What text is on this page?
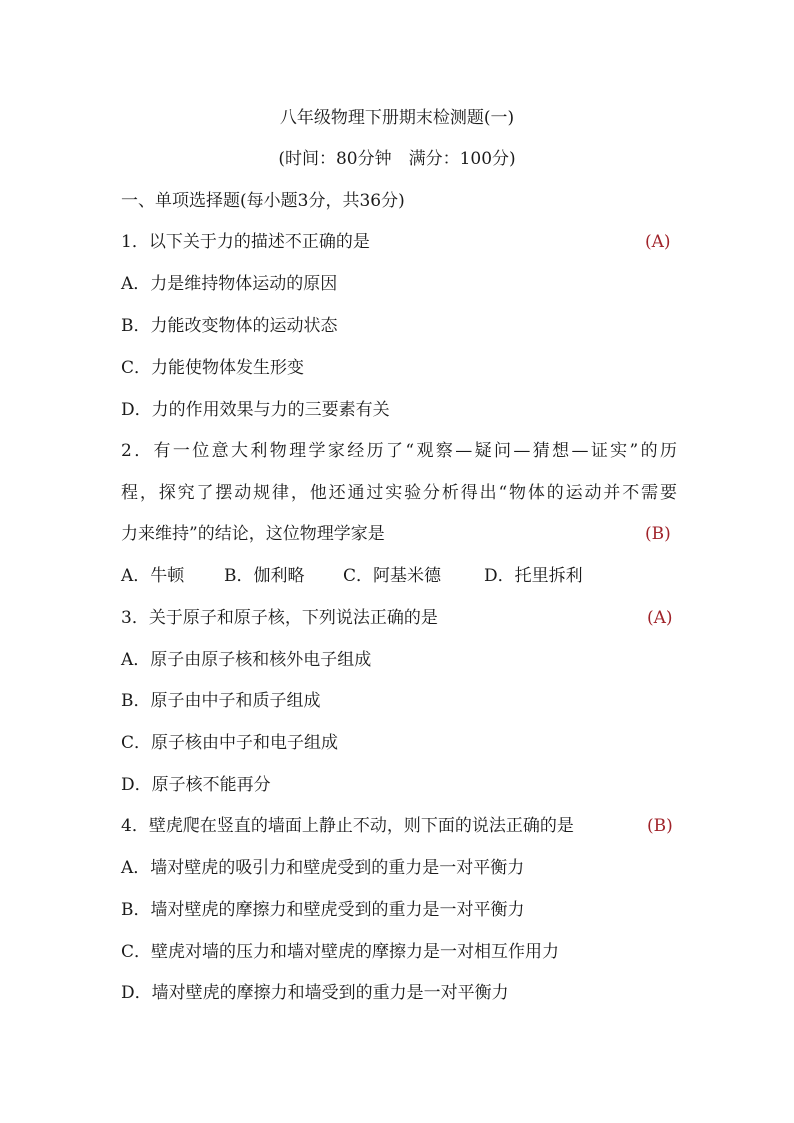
八年级物理下册期末检测题(一)
(时间：80分钟　满分：100分)
一、单项选择题(每小题3分，共36分)
1．以下关于力的描述不正确的是	(A)
A．力是维持物体运动的原因
B．力能改变物体的运动状态
C．力能使物体发生形变
D．力的作用效果与力的三要素有关
2．有一位意大利物理学家经历了“观察—疑问—猜想—证实”的历
程，探究了摆动规律，他还通过实验分析得出“物体的运动并不需要
力来维持”的结论，这位物理学家是	(B)
A．牛顿 B．伽利略 C．阿基米德	D．托里拆利
3．关于原子和原子核，下列说法正确的是	(A)
A．原子由原子核和核外电子组成
B．原子由中子和质子组成
C．原子核由中子和电子组成
D．原子核不能再分
4．壁虎爬在竖直的墙面上静止不动，则下面的说法正确的是	(B)
A．墙对壁虎的吸引力和壁虎受到的重力是一对平衡力
B．墙对壁虎的摩擦力和壁虎受到的重力是一对平衡力
C．壁虎对墙的压力和墙对壁虎的摩擦力是一对相互作用力
D．墙对壁虎的摩擦力和墙受到的重力是一对平衡力
